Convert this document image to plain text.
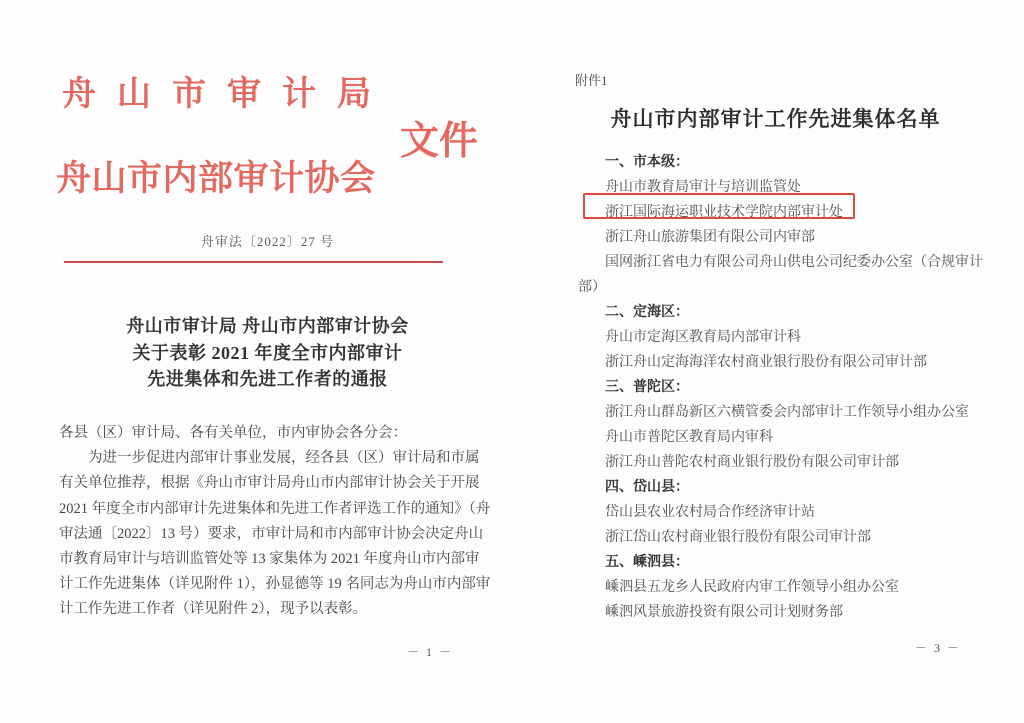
舟山市审计局
文件
舟山市内部审计协会
舟审法〔2022〕27 号
舟山市审计局 舟山市内部审计协会
关于表彰 2021 年度全市内部审计
先进集体和先进工作者的通报
各县（区）审计局、各有关单位，市内审协会各分会：
为进一步促进内部审计事业发展，经各县（区）审计局和市属
有关单位推荐，根据《舟山市审计局舟山市内部审计协会关于开展
2021 年度全市内部审计先进集体和先进工作者评选工作的通知》（舟
审法通〔2022〕13 号）要求，市审计局和市内部审计协会决定舟山
市教育局审计与培训监管处等 13 家集体为 2021 年度舟山市内部审
计工作先进集体（详见附件 1），孙显德等 19 名同志为舟山市内部审
计工作先进工作者（详见附件 2），现予以表彰。
－ 1 －
附件1
舟山市内部审计工作先进集体名单
一、市本级：
舟山市教育局审计与培训监管处
浙江国际海运职业技术学院内部审计处
浙江舟山旅游集团有限公司内审部
国网浙江省电力有限公司舟山供电公司纪委办公室（合规审计
部）
二、定海区：
舟山市定海区教育局内部审计科
浙江舟山定海海洋农村商业银行股份有限公司审计部
三、普陀区：
浙江舟山群岛新区六横管委会内部审计工作领导小组办公室
舟山市普陀区教育局内审科
浙江舟山普陀农村商业银行股份有限公司审计部
四、岱山县：
岱山县农业农村局合作经济审计站
浙江岱山农村商业银行股份有限公司审计部
五、嵊泗县：
嵊泗县五龙乡人民政府内审工作领导小组办公室
嵊泗风景旅游投资有限公司计划财务部
－ 3 －
